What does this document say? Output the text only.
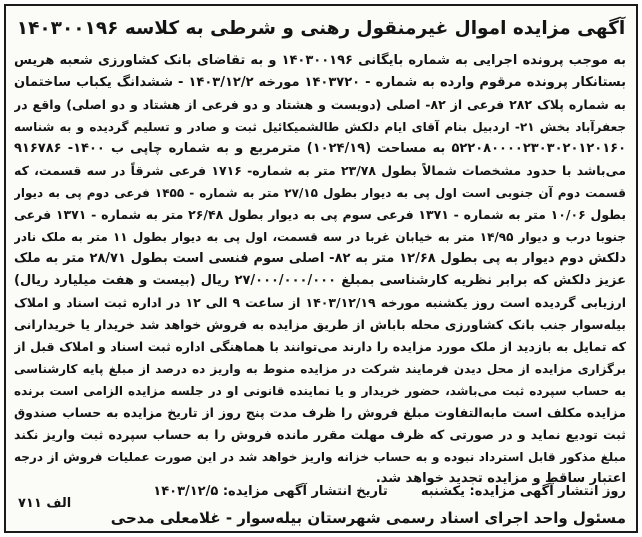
آگهی مزایده اموال غیرمنقول رهنی و شرطی به کلاسه ۱۴۰۳۰۰۱۹۶
به موجب پرونده اجرایی به شماره بایگانی ۱۴۰۳۰۰۱۹۶ و به تقاضای بانک کشاورزی شعبه هریس
بستانکار پرونده مرقوم وارده به شماره - ۱۴۰۳۷۲۰ مورخه ۱۴۰۳/۱۲/۲ - ششدانگ یکباب ساختمان
به شماره پلاک ۲۸۲ فرعی از ۸۲- اصلی (دویست و هشتاد و دو فرعی از هشتاد و دو اصلی) واقع در
جعفرآباد بخش ۲۱- اردبیل بنام آقای ایام دلکش طالشمیکائیل ثبت و صادر و تسلیم گردیده و به شناسه
۵۲۲۰۸۰۰۰۰۲۳۰۳۰۲۰۱۲۰۱۶۰ به مساحت (۱۰۲۴/۱۹) مترمربع و به شماره چاپی ب ۱۴۰۰- ۹۱۶۷۸۶
می‌باشد با حدود مشخصات شمالاً بطول ۲۳/۷۸ متر به شماره- ۱۷۱۶ فرعی شرقاً در سه قسمت، که
قسمت دوم آن جنوبی است اول پی به دیوار بطول ۲۷/۱۵ متر به شماره - ۱۴۵۵ فرعی دوم پی به دیوار
بطول ۱۰/۰۶ متر به شماره - ۱۳۷۱ فرعی سوم پی به دیوار بطول ۲۶/۴۸ متر به شماره - ۱۳۷۱ فرعی
جنوبا درب و دیوار ۱۴/۹۵ متر به خیابان غربا در سه قسمت، اول پی به دیوار بطول ۱۱ متر به ملک نادر
دلکش دوم دیوار به پی بطول ۱۲/۶۸ متر به ۸۲- اصلی سوم فنسی است بطول ۲۸/۷۱ متر به ملک
عزیز دلکش که برابر نظریه کارشناسی بمبلغ ۲۷/۰۰۰/۰۰۰/۰۰۰ ریال (بیست و هفت میلیارد ریال)
ارزیابی گردیده است روز یکشنبه مورخه ۱۴۰۳/۱۲/۱۹ از ساعت ۹ الی ۱۲ در اداره ثبت اسناد و املاک
بیله‌سوار جنب بانک کشاورزی محله باباش از طریق مزایده به فروش خواهد شد خریدار یا خریدارانی
که تمایل به بازدید از ملک مورد مزایده را دارند می‌توانند با هماهنگی اداره ثبت اسناد و املاک قبل از
برگزاری مزایده از محل دیدن فرمایند شرکت در مزایده منوط به واریز ده درصد از مبلغ پایه کارشناسی
به حساب سپرده ثبت می‌باشد، حضور خریدار و یا نماینده قانونی او در جلسه مزایده الزامی است برنده
مزایده مکلف است مابه‌التفاوت مبلغ فروش را ظرف مدت پنج روز از تاریخ مزایده به حساب صندوق
ثبت تودیع نماید و در صورتی که ظرف مهلت مقرر مانده فروش را به حساب سپرده ثبت واریز نکند
مبلغ مذکور قابل استرداد نبوده و به حساب خزانه واریز خواهد شد در این صورت عملیات فروش از درجه
اعتبار ساقط و مزایده تجدید خواهد شد.
روز انتشار آگهی مزایده: یکشنبه  تاریخ انتشار آگهی مزایده: ۱۴۰۳/۱۲/۵
الف ۷۱۱
مسئول واحد اجرای اسناد رسمی شهرستان بیله‌سوار - غلامعلی مدحی
